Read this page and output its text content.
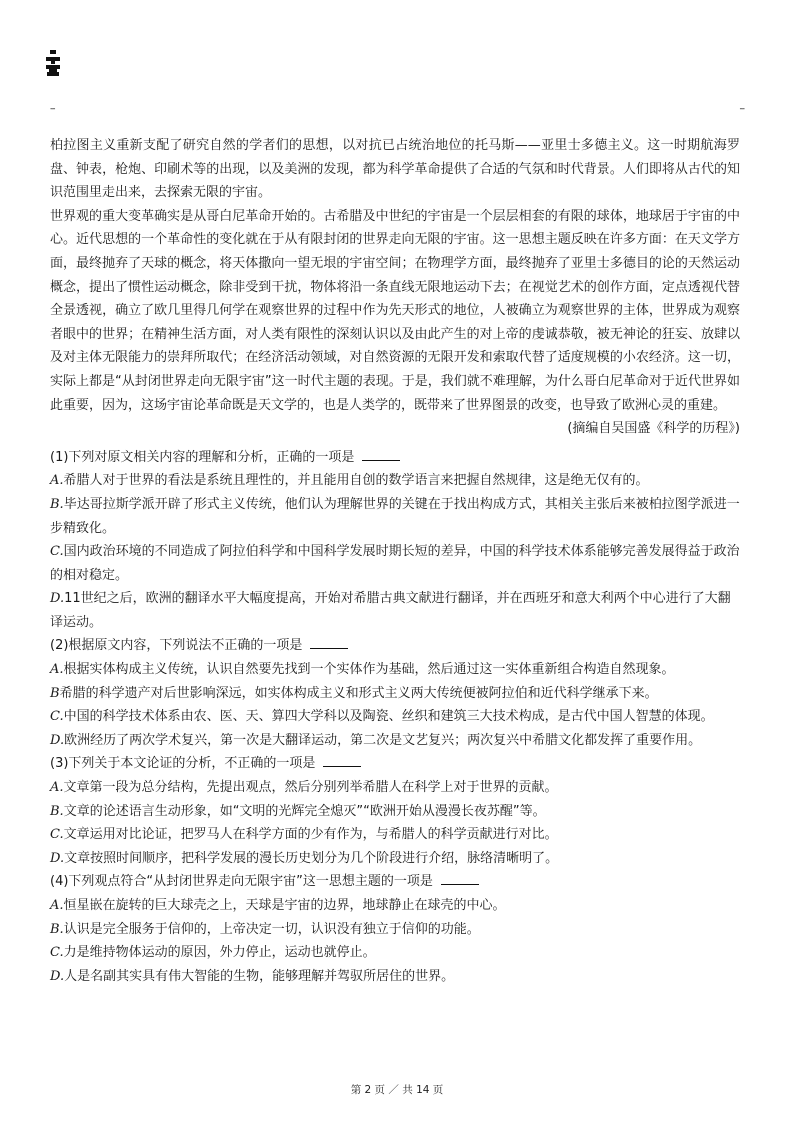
--	--

柏拉图主义重新支配了研究自然的学者们的思想，以对抗已占统治地位的托马斯——亚里士多德主义。这一时期航海罗盘、钟表，枪炮、印刷术等的出现，以及美洲的发现，都为科学革命提供了合适的气氛和时代背景。人们即将从古代的知识范围里走出来，去探索无限的宇宙。

世界观的重大变革确实是从哥白尼革命开始的。古希腊及中世纪的宇宙是一个层层相套的有限的球体，地球居于宇宙的中心。近代思想的一个革命性的变化就在于从有限封闭的世界走向无限的宇宙。这一思想主题反映在许多方面：在天文学方面，最终抛弃了天球的概念，将天体撒向一望无垠的宇宙空间；在物理学方面，最终抛弃了亚里士多德目的论的天然运动概念，提出了惯性运动概念，除非受到干扰，物体将沿一条直线无限地运动下去；在视觉艺术的创作方面，定点透视代替全景透视，确立了欧几里得几何学在观察世界的过程中作为先天形式的地位，人被确立为观察世界的主体，世界成为观察者眼中的世界；在精神生活方面，对人类有限性的深刻认识以及由此产生的对上帝的虔诚恭敬，被无神论的狂妄、放肆以及对主体无限能力的崇拜所取代；在经济活动领域，对自然资源的无限开发和索取代替了适度规模的小农经济。这一切，实际上都是“从封闭世界走向无限宇宙”这一时代主题的表现。于是，我们就不难理解，为什么哥白尼革命对于近代世界如此重要，因为，这场宇宙论革命既是天文学的，也是人类学的，既带来了世界图景的改变，也导致了欧洲心灵的重建。

(摘编自吴国盛《科学的历程》)

(1)下列对原文相关内容的理解和分析，正确的一项是

A.希腊人对于世界的看法是系统且理性的，并且能用自创的数学语言来把握自然规律，这是绝无仅有的。

B.毕达哥拉斯学派开辟了形式主义传统，他们认为理解世界的关键在于找出构成方式，其相关主张后来被柏拉图学派进一步精致化。

C.国内政治环境的不同造成了阿拉伯科学和中国科学发展时期长短的差异，中国的科学技术体系能够完善发展得益于政治的相对稳定。

D.11世纪之后，欧洲的翻译水平大幅度提高，开始对希腊古典文献进行翻译，并在西班牙和意大利两个中心进行了大翻译运动。

(2)根据原文内容，下列说法不正确的一项是

A.根据实体构成主义传统，认识自然要先找到一个实体作为基础，然后通过这一实体重新组合构造自然现象。

B希腊的科学遗产对后世影响深远，如实体构成主义和形式主义两大传统便被阿拉伯和近代科学继承下来。

C.中国的科学技术体系由农、医、天、算四大学科以及陶瓷、丝织和建筑三大技术构成，是古代中国人智慧的体现。

D.欧洲经历了两次学术复兴，第一次是大翻译运动，第二次是文艺复兴；两次复兴中希腊文化都发挥了重要作用。

(3)下列关于本文论证的分析，不正确的一项是

A.文章第一段为总分结构，先提出观点，然后分别列举希腊人在科学上对于世界的贡献。

B.文章的论述语言生动形象，如“文明的光辉完全熄灭”“欧洲开始从漫漫长夜苏醒”等。

C.文章运用对比论证，把罗马人在科学方面的少有作为，与希腊人的科学贡献进行对比。

D.文章按照时间顺序，把科学发展的漫长历史划分为几个阶段进行介绍，脉络清晰明了。

(4)下列观点符合“从封闭世界走向无限宇宙”这一思想主题的一项是

A.恒星嵌在旋转的巨大球壳之上，天球是宇宙的边界，地球静止在球壳的中心。

B.认识是完全服务于信仰的，上帝决定一切，认识没有独立于信仰的功能。

C.力是维持物体运动的原因，外力停止，运动也就停止。

D.人是名副其实具有伟大智能的生物，能够理解并驾驭所居住的世界。

第 2 页 ／ 共 14 页
